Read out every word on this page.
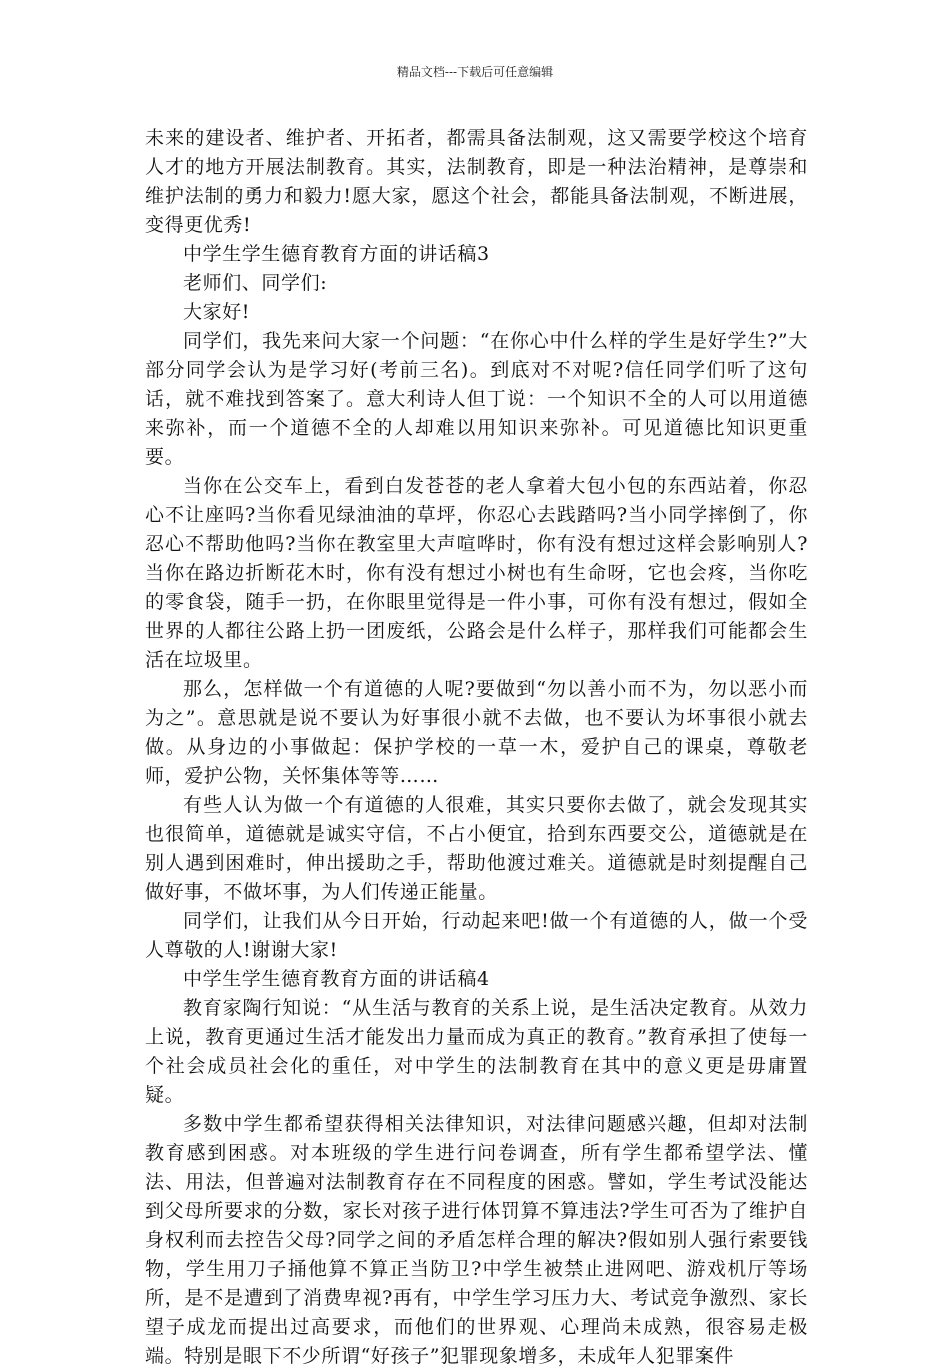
精品文档---下载后可任意编辑

未来的建设者、维护者、开拓者，都需具备法制观，这又需要学校这个培育人才的地方开展法制教育。其实，法制教育，即是一种法治精神，是尊崇和维护法制的勇力和毅力!愿大家，愿这个社会，都能具备法制观，不断进展，变得更优秀!

中学生学生德育教育方面的讲话稿3

老师们、同学们:

大家好!

同学们，我先来问大家一个问题：“在你心中什么样的学生是好学生?”大部分同学会认为是学习好(考前三名)。到底对不对呢?信任同学们听了这句话，就不难找到答案了。意大利诗人但丁说：一个知识不全的人可以用道德来弥补，而一个道德不全的人却难以用知识来弥补。可见道德比知识更重要。

当你在公交车上，看到白发苍苍的老人拿着大包小包的东西站着，你忍心不让座吗?当你看见绿油油的草坪，你忍心去践踏吗?当小同学摔倒了，你忍心不帮助他吗?当你在教室里大声喧哗时，你有没有想过这样会影响别人?当你在路边折断花木时，你有没有想过小树也有生命呀，它也会疼，当你吃的零食袋，随手一扔，在你眼里觉得是一件小事，可你有没有想过，假如全世界的人都往公路上扔一团废纸，公路会是什么样子，那样我们可能都会生活在垃圾里。

那么，怎样做一个有道德的人呢?要做到“勿以善小而不为，勿以恶小而为之”。意思就是说不要认为好事很小就不去做，也不要认为坏事很小就去做。从身边的小事做起：保护学校的一草一木，爱护自己的课桌，尊敬老师，爱护公物，关怀集体等等……

有些人认为做一个有道德的人很难，其实只要你去做了，就会发现其实也很简单，道德就是诚实守信，不占小便宜，拾到东西要交公，道德就是在别人遇到困难时，伸出援助之手，帮助他渡过难关。道德就是时刻提醒自己做好事，不做坏事，为人们传递正能量。

同学们，让我们从今日开始，行动起来吧!做一个有道德的人，做一个受人尊敬的人!谢谢大家!

中学生学生德育教育方面的讲话稿4

教育家陶行知说：“从生活与教育的关系上说，是生活决定教育。从效力上说，教育更通过生活才能发出力量而成为真正的教育。”教育承担了使每一个社会成员社会化的重任，对中学生的法制教育在其中的意义更是毋庸置疑。

多数中学生都希望获得相关法律知识，对法律问题感兴趣，但却对法制教育感到困惑。对本班级的学生进行问卷调查，所有学生都希望学法、懂法、用法，但普遍对法制教育存在不同程度的困惑。譬如，学生考试没能达到父母所要求的分数，家长对孩子进行体罚算不算违法?学生可否为了维护自身权利而去控告父母?同学之间的矛盾怎样合理的解决?假如别人强行索要钱物，学生用刀子捅他算不算正当防卫?中学生被禁止进网吧、游戏机厅等场所，是不是遭到了消费卑视?再有，中学生学习压力大、考试竞争激烈、家长望子成龙而提出过高要求，而他们的世界观、心理尚未成熟，很容易走极端。特别是眼下不少所谓“好孩子”犯罪现象增多，未成年人犯罪案件
